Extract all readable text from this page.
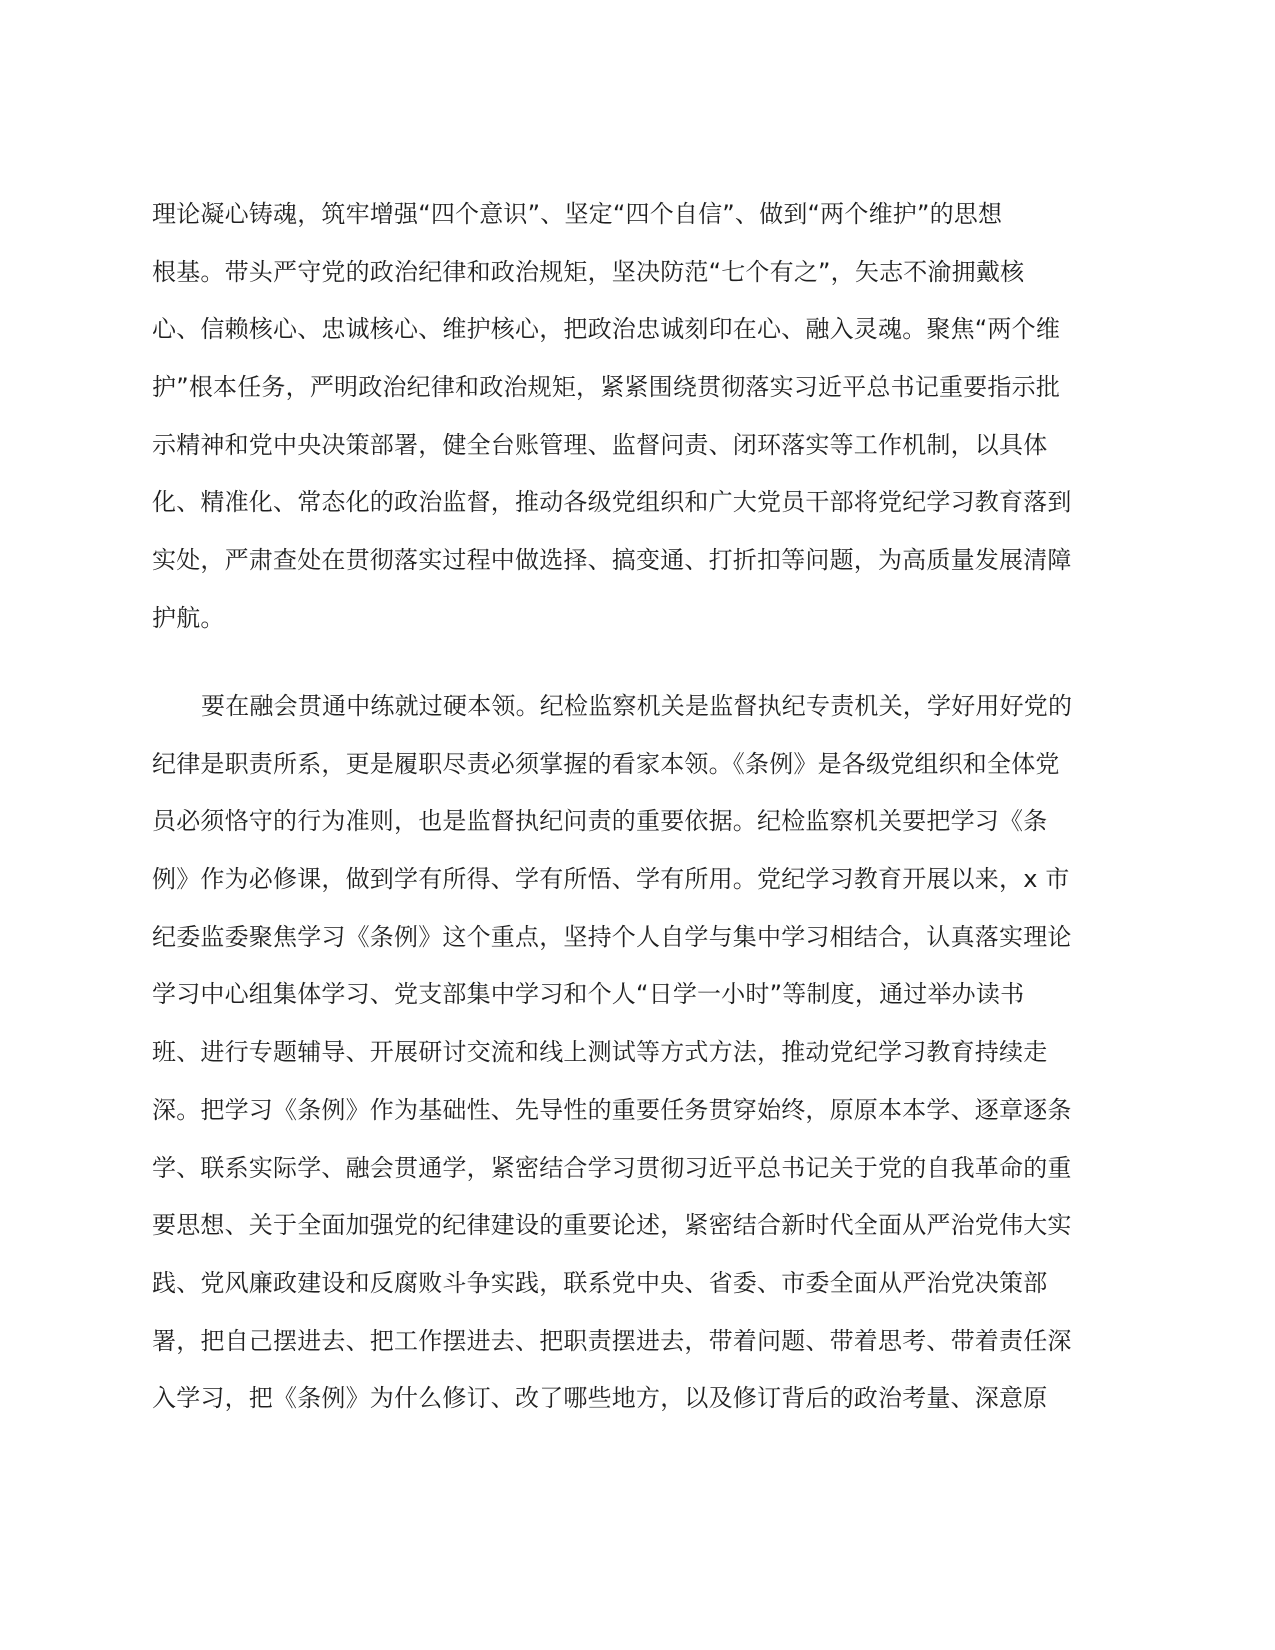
理论凝心铸魂，筑牢增强“四个意识”、坚定“四个自信”、做到“两个维护”的思想
根基。带头严守党的政治纪律和政治规矩，坚决防范“七个有之”，矢志不渝拥戴核
心、信赖核心、忠诚核心、维护核心，把政治忠诚刻印在心、融入灵魂。聚焦“两个维
护”根本任务，严明政治纪律和政治规矩，紧紧围绕贯彻落实习近平总书记重要指示批
示精神和党中央决策部署，健全台账管理、监督问责、闭环落实等工作机制，以具体
化、精准化、常态化的政治监督，推动各级党组织和广大党员干部将党纪学习教育落到
实处，严肃查处在贯彻落实过程中做选择、搞变通、打折扣等问题，为高质量发展清障
护航。
要在融会贯通中练就过硬本领。纪检监察机关是监督执纪专责机关，学好用好党的
纪律是职责所系，更是履职尽责必须掌握的看家本领。《条例》是各级党组织和全体党
员必须恪守的行为准则，也是监督执纪问责的重要依据。纪检监察机关要把学习《条
例》作为必修课，做到学有所得、学有所悟、学有所用。党纪学习教育开展以来，x 市
纪委监委聚焦学习《条例》这个重点，坚持个人自学与集中学习相结合，认真落实理论
学习中心组集体学习、党支部集中学习和个人“日学一小时”等制度，通过举办读书
班、进行专题辅导、开展研讨交流和线上测试等方式方法，推动党纪学习教育持续走
深。把学习《条例》作为基础性、先导性的重要任务贯穿始终，原原本本学、逐章逐条
学、联系实际学、融会贯通学，紧密结合学习贯彻习近平总书记关于党的自我革命的重
要思想、关于全面加强党的纪律建设的重要论述，紧密结合新时代全面从严治党伟大实
践、党风廉政建设和反腐败斗争实践，联系党中央、省委、市委全面从严治党决策部
署，把自己摆进去、把工作摆进去、把职责摆进去，带着问题、带着思考、带着责任深
入学习，把《条例》为什么修订、改了哪些地方，以及修订背后的政治考量、深意原
